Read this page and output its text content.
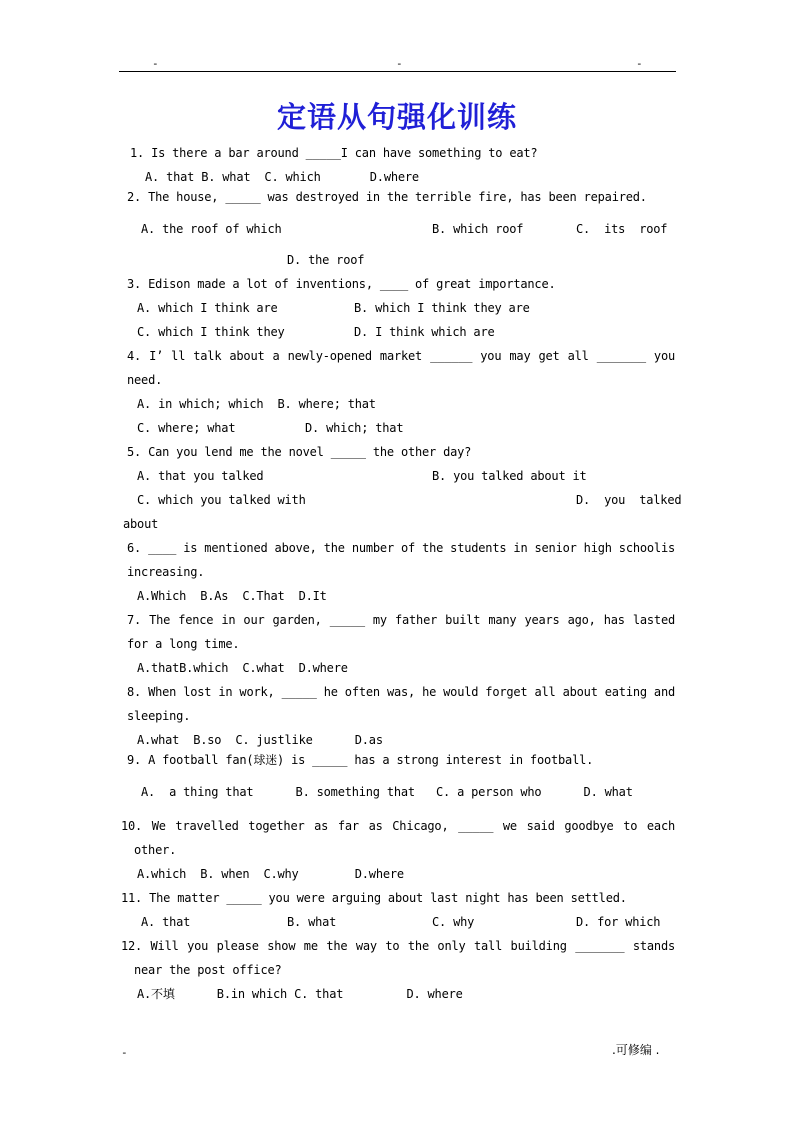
-	-	-
定语从句强化训练
1. Is there a bar around _____I can have something to eat?
A. that B. what  C. which       D.where
2. The house, _____ was destroyed in the terrible fire, has been repaired.
A. the roof of which	B. which roof	C.  its  roof
D. the roof
3. Edison made a lot of inventions, ____ of great importance.
A. which I think are	B. which I think they are
C. which I think they	D. I think which are
4. I’ ll talk about a newly-opened market ______ you may get all _______ you
need.
A. in which; which  B. where; that
C. where; what	D. which; that
5. Can you lend me the novel _____ the other day?
A. that you talked	B. you talked about it
C. which you talked with	D.  you  talked
about
6. ____ is mentioned above, the number of the students in senior high schoolis
increasing.
A.Which  B.As  C.That  D.It
7. The fence in our garden, _____ my father built many years ago, has lasted
for a long time.
A.thatB.which  C.what  D.where
8. When lost in work, _____ he often was, he would forget all about eating and
sleeping.
A.what  B.so  C. justlike      D.as
9. A football fan(球迷) is _____ has a strong interest in football.
A.  a thing that      B. something that   C. a person who      D. what
10. We travelled together as far as Chicago, _____ we said goodbye to each
other.
A.which  B. when  C.why        D.where
11. The matter _____ you were arguing about last night has been settled.
A. that	B. what	C. why	D. for which
12. Will you please show me the way to the only tall building _______ stands
near the post office?
A.不填      B.in which C. that         D. where
-	.可修编 .
